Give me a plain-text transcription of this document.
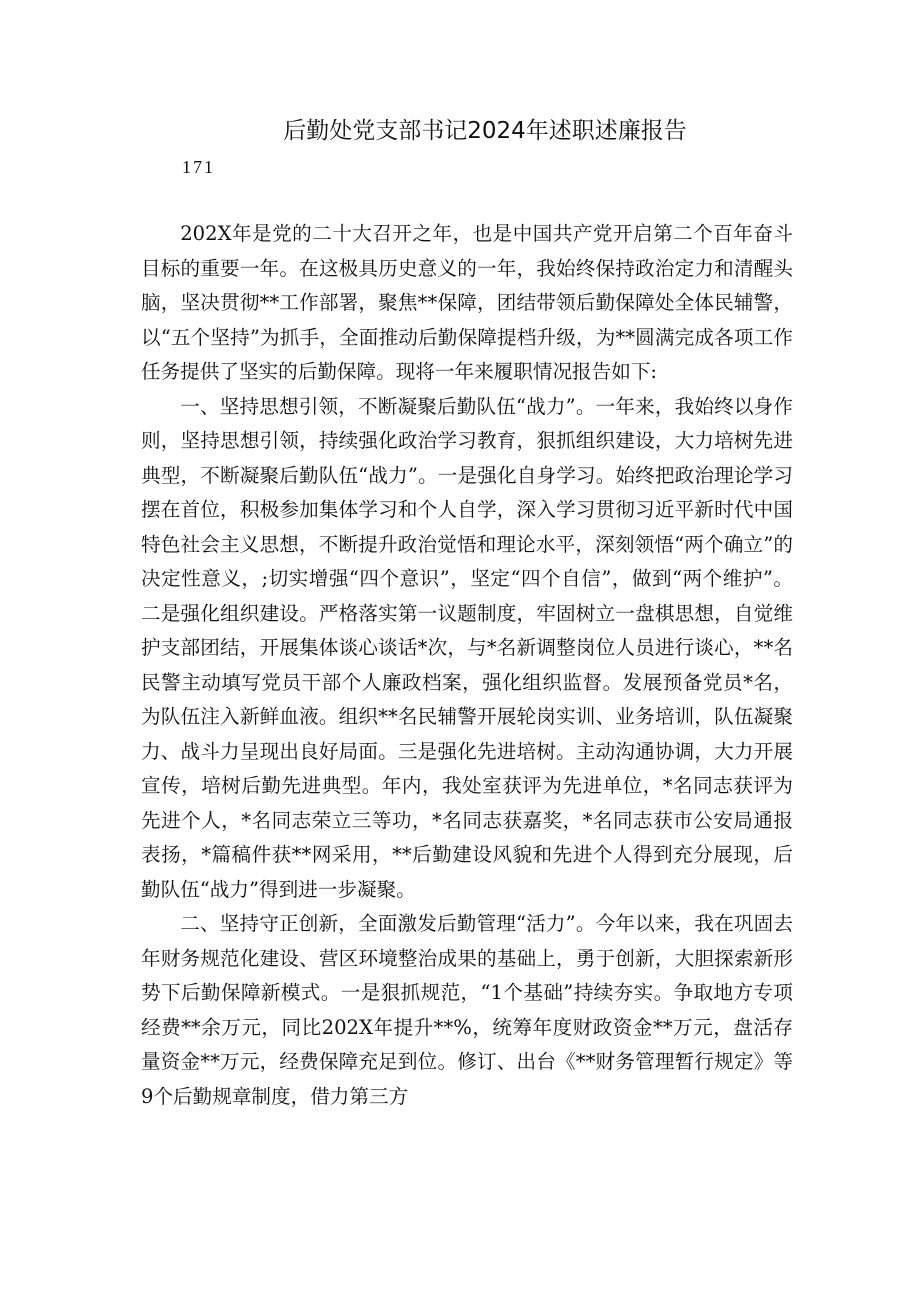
后勤处党支部书记2024年述职述廉报告
171

202X年是党的二十大召开之年，也是中国共产党开启第二个百年奋斗目标的重要一年。在这极具历史意义的一年，我始终保持政治定力和清醒头脑，坚决贯彻**工作部署，聚焦**保障，团结带领后勤保障处全体民辅警，以“五个坚持”为抓手，全面推动后勤保障提档升级，为**圆满完成各项工作任务提供了坚实的后勤保障。现将一年来履职情况报告如下:

一、坚持思想引领，不断凝聚后勤队伍“战力”。一年来，我始终以身作则，坚持思想引领，持续强化政治学习教育，狠抓组织建设，大力培树先进典型，不断凝聚后勤队伍“战力”。一是强化自身学习。始终把政治理论学习摆在首位，积极参加集体学习和个人自学，深入学习贯彻习近平新时代中国特色社会主义思想，不断提升政治觉悟和理论水平，深刻领悟“两个确立”的决定性意义，;切实增强“四个意识”，坚定“四个自信”，做到“两个维护”。二是强化组织建设。严格落实第一议题制度，牢固树立一盘棋思想，自觉维护支部团结，开展集体谈心谈话*次，与*名新调整岗位人员进行谈心，**名民警主动填写党员干部个人廉政档案，强化组织监督。发展预备党员*名，为队伍注入新鲜血液。组织**名民辅警开展轮岗实训、业务培训，队伍凝聚力、战斗力呈现出良好局面。三是强化先进培树。主动沟通协调，大力开展宣传，培树后勤先进典型。年内，我处室获评为先进单位，*名同志获评为先进个人，*名同志荣立三等功，*名同志获嘉奖，*名同志获市公安局通报表扬，*篇稿件获**网采用，**后勤建设风貌和先进个人得到充分展现，后勤队伍“战力”得到进一步凝聚。

二、坚持守正创新，全面激发后勤管理“活力”。今年以来，我在巩固去年财务规范化建设、营区环境整治成果的基础上，勇于创新，大胆探索新形势下后勤保障新模式。一是狠抓规范，“1个基础”持续夯实。争取地方专项经费**余万元，同比202X年提升**%，统筹年度财政资金**万元，盘活存量资金**万元，经费保障充足到位。修订、出台《**财务管理暂行规定》等9个后勤规章制度，借力第三方
